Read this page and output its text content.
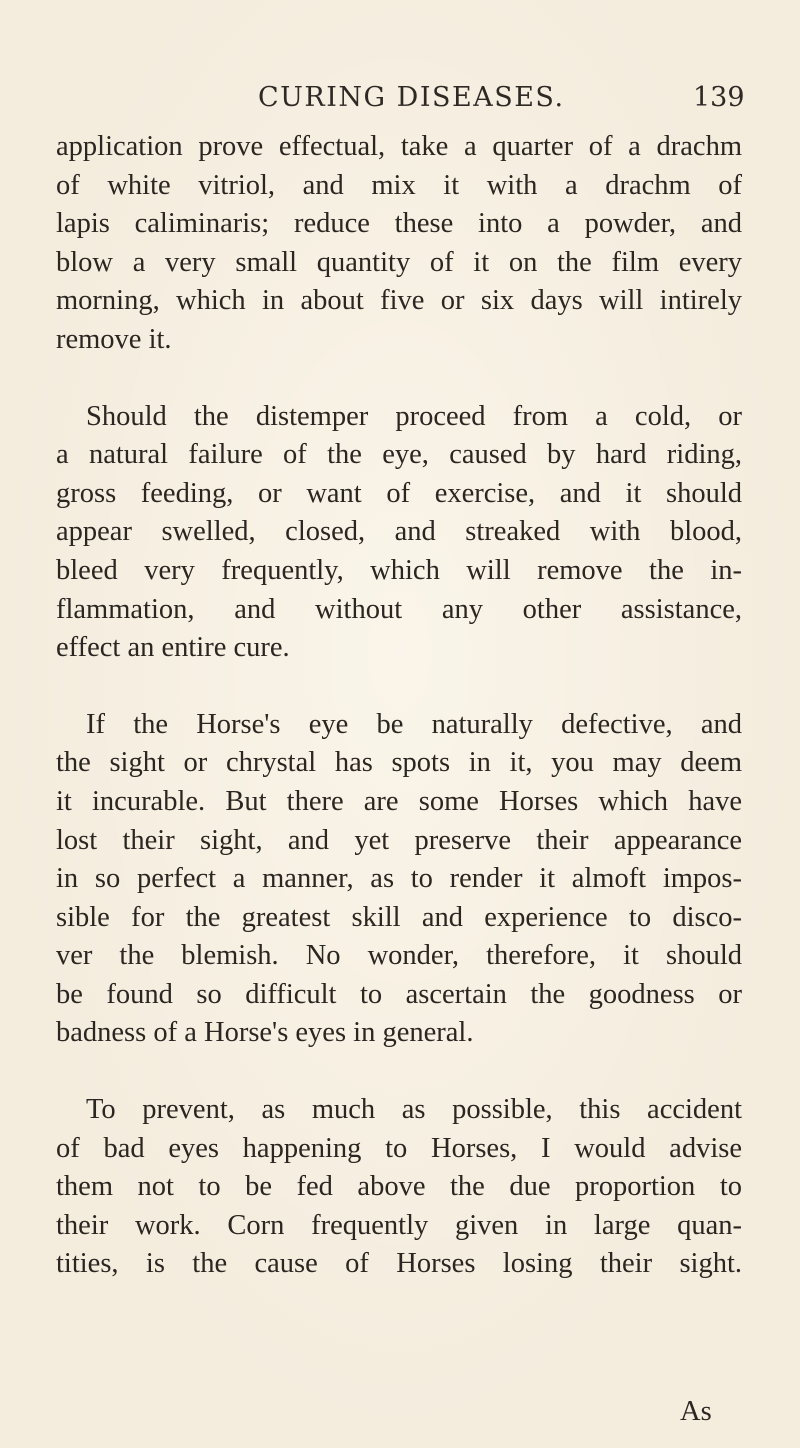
CURING DISEASES.	139

application prove effectual, take a quarter of a drachm
of white vitriol, and mix it with a drachm of
lapis caliminaris; reduce these into a powder, and
blow a very small quantity of it on the film every
morning, which in about five or six days will intirely
remove it.

Should the distemper proceed from a cold, or
a natural failure of the eye, caused by hard riding,
gross feeding, or want of exercise, and it should
appear swelled, closed, and streaked with blood,
bleed very frequently, which will remove the in-
flammation, and without any other assistance,
effect an entire cure.

If the Horse's eye be naturally defective, and
the sight or chrystal has spots in it, you may deem
it incurable. But there are some Horses which have
lost their sight, and yet preserve their appearance
in so perfect a manner, as to render it almoft impos-
sible for the greatest skill and experience to disco-
ver the blemish. No wonder, therefore, it should
be found so difficult to ascertain the goodness or
badness of a Horse's eyes in general.

To prevent, as much as possible, this accident
of bad eyes happening to Horses, I would advise
them not to be fed above the due proportion to
their work. Corn frequently given in large quan-
tities, is the cause of Horses losing their sight.

As
